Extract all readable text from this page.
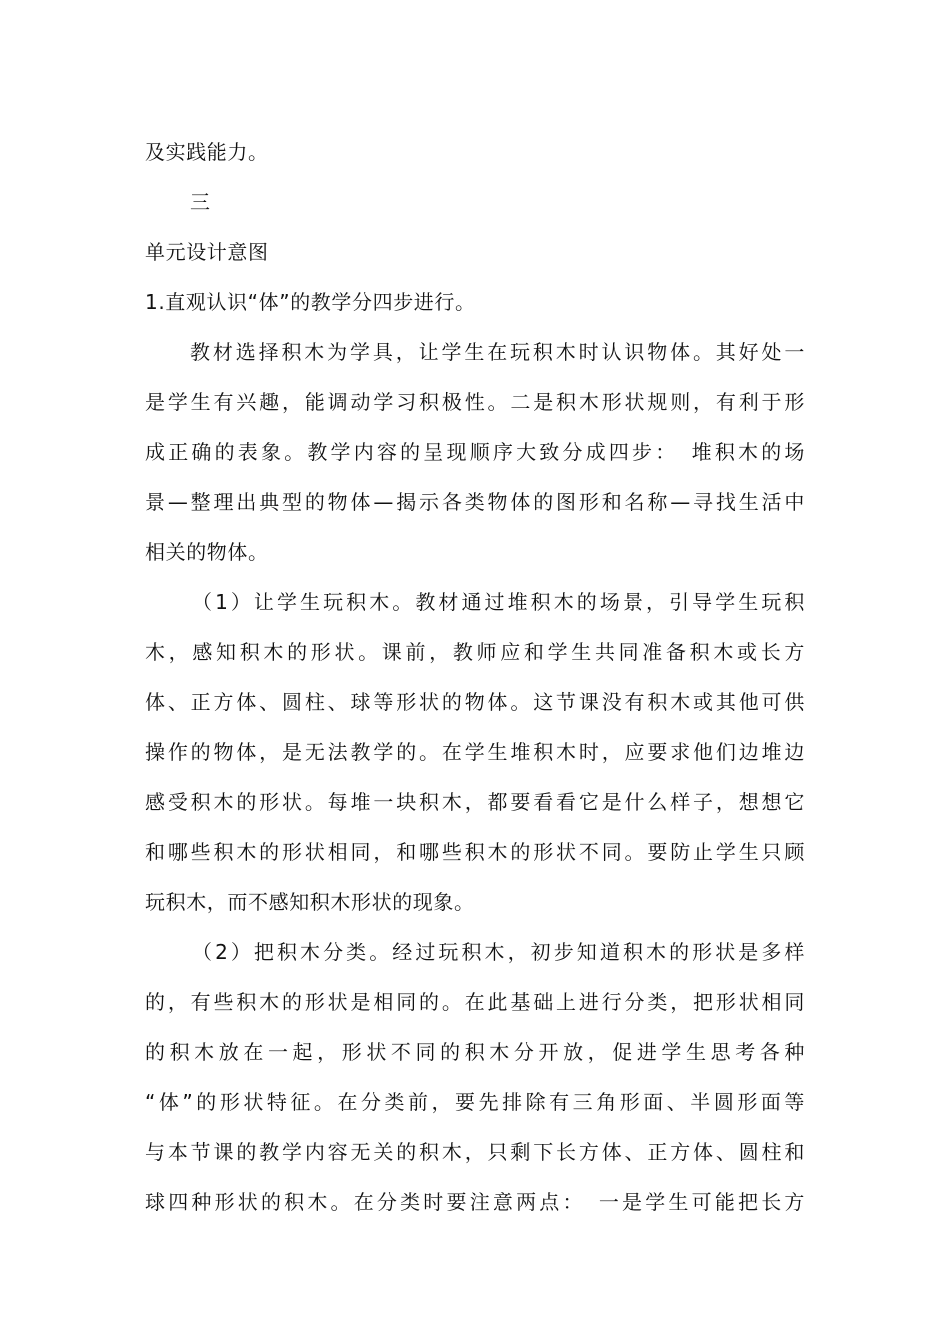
及实践能力。
三
单元设计意图
1.直观认识“体”的教学分四步进行。
教材选择积木为学具，让学生在玩积木时认识物体。其好处一
是学生有兴趣，能调动学习积极性。二是积木形状规则，有利于形
成正确的表象。教学内容的呈现顺序大致分成四步：　堆积木的场
景—整理出典型的物体—揭示各类物体的图形和名称—寻找生活中
相关的物体。
（1）让学生玩积木。教材通过堆积木的场景，引导学生玩积
木，感知积木的形状。课前，教师应和学生共同准备积木或长方
体、正方体、圆柱、球等形状的物体。这节课没有积木或其他可供
操作的物体，是无法教学的。在学生堆积木时，应要求他们边堆边
感受积木的形状。每堆一块积木，都要看看它是什么样子，想想它
和哪些积木的形状相同，和哪些积木的形状不同。要防止学生只顾
玩积木，而不感知积木形状的现象。
（2）把积木分类。经过玩积木，初步知道积木的形状是多样
的，有些积木的形状是相同的。在此基础上进行分类，把形状相同
的积木放在一起，形状不同的积木分开放，促进学生思考各种
“体”的形状特征。在分类前，要先排除有三角形面、半圆形面等
与本节课的教学内容无关的积木，只剩下长方体、正方体、圆柱和
球四种形状的积木。在分类时要注意两点：　一是学生可能把长方
